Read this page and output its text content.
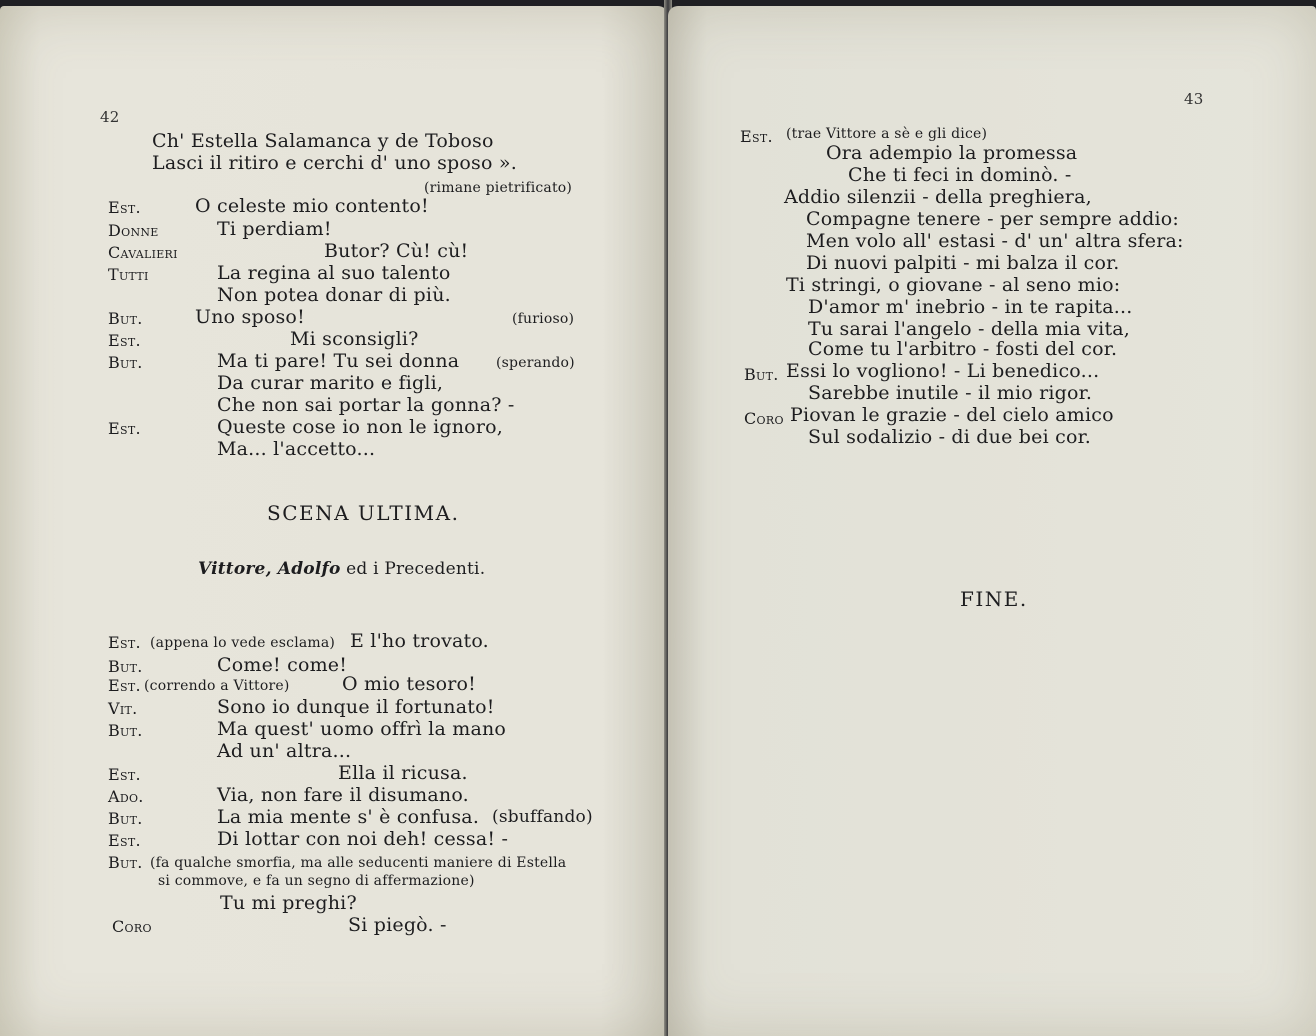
42
Ch' Estella Salamanca y de Toboso
Lasci il ritiro e cerchi d' uno sposo ».
(rimane pietrificato)
Est.	O celeste mio contento!
Donne	Ti perdiam!
Cavalieri	Butor? Cù! cù!
Tutti	La regina al suo talento
Non potea donar di più.
But.	Uno sposo!	(furioso)
Est.	Mi sconsigli?
But.	Ma ti pare! Tu sei donna	(sperando)
Da curar marito e figli,
Che non sai portar la gonna? -
Est.	Queste cose io non le ignoro,
Ma... l'accetto...
SCENA ULTIMA.
Vittore, Adolfo ed i Precedenti.
Est. (appena lo vede esclama) E l'ho trovato.
But.	Come! come!
Est. (correndo a Vittore)	O mio tesoro!
Vit.	Sono io dunque il fortunato!
But.	Ma quest' uomo offrì la mano
Ad un' altra...
Est.	Ella il ricusa.
Ado.	Via, non fare il disumano.
But.	La mia mente s' è confusa. (sbuffando)
Est.	Di lottar con noi deh! cessa! -
But. (fa qualche smorfia, ma alle seducenti maniere di Estella
si commove, e fa un segno di affermazione)
Tu mi preghi?
Coro	Si piegò. -
43
Est. (trae Vittore a sè e gli dice)
Ora adempio la promessa
Che ti feci in dominò. -
Addio silenzii - della preghiera,
Compagne tenere - per sempre addio:
Men volo all' estasi - d' un' altra sfera:
Di nuovi palpiti - mi balza il cor.
Ti stringi, o giovane - al seno mio:
D'amor m' inebrio - in te rapita...
Tu sarai l'angelo - della mia vita,
Come tu l'arbitro - fosti del cor.
But. Essi lo vogliono! - Li benedico...
Sarebbe inutile - il mio rigor.
Coro Piovan le grazie - del cielo amico
Sul sodalizio - di due bei cor.
FINE.
